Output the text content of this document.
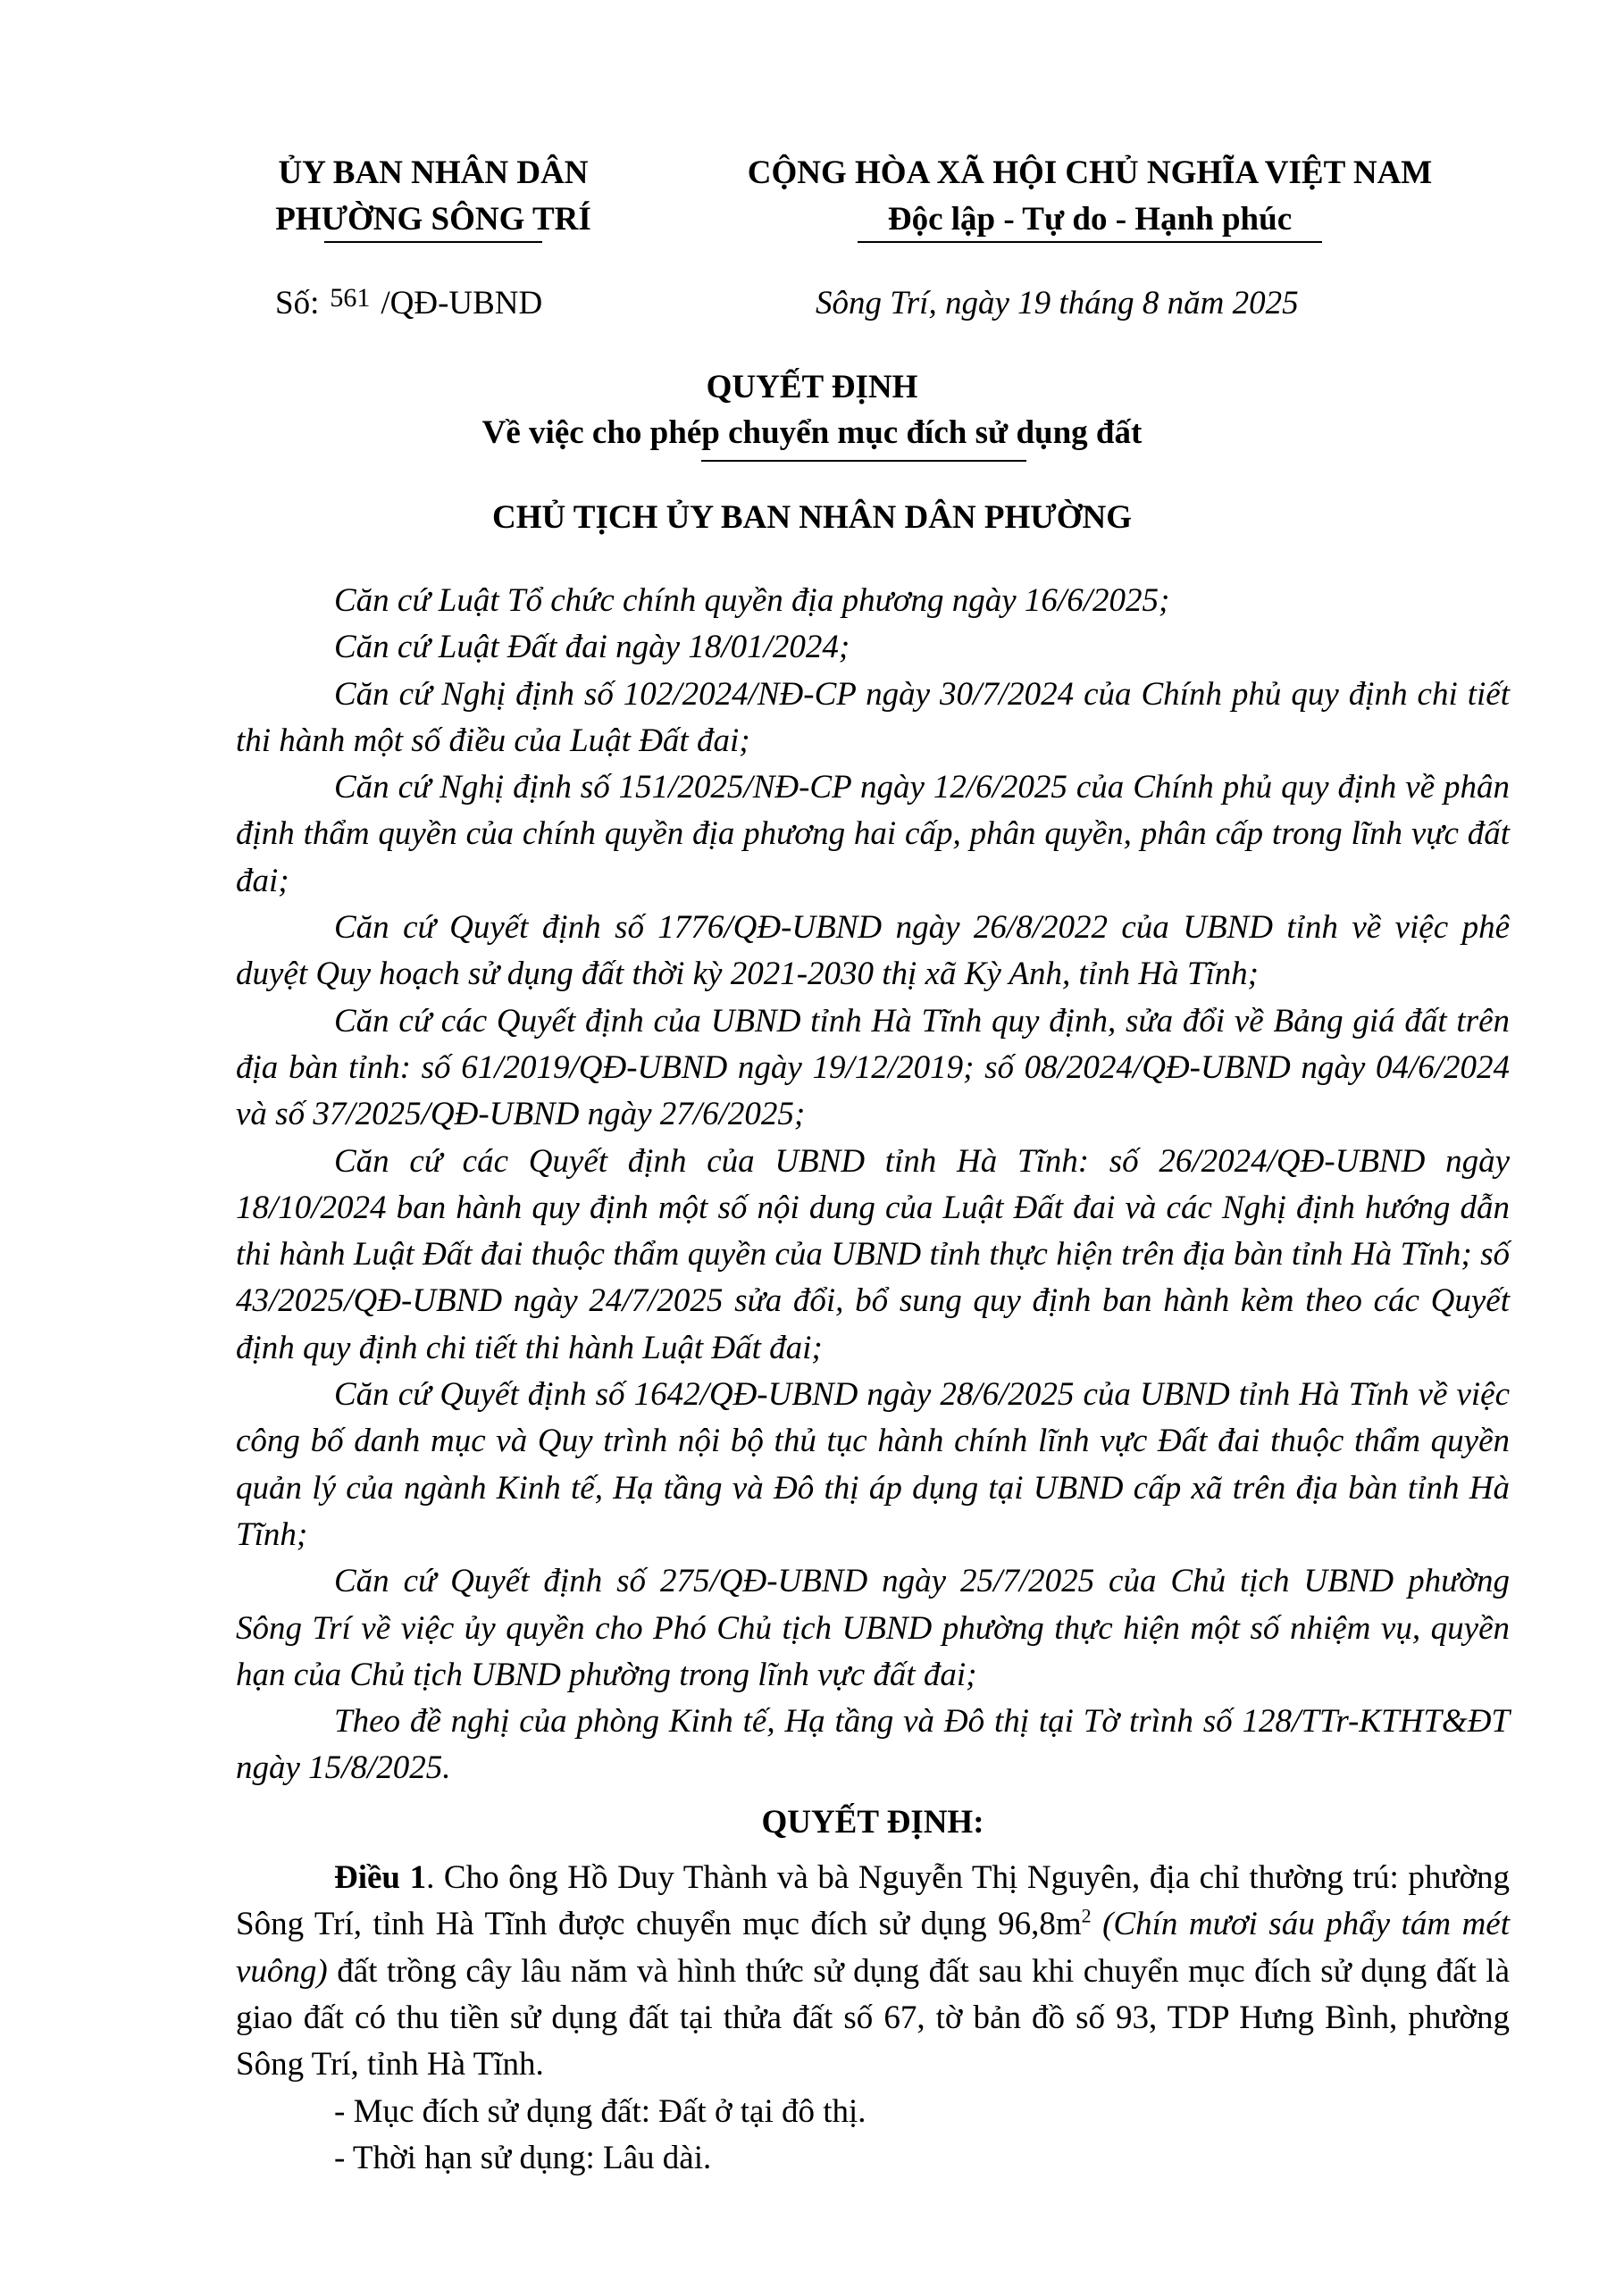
ỦY BAN NHÂN DÂN
PHƯỜNG SÔNG TRÍ
CỘNG HÒA XÃ HỘI CHỦ NGHĨA VIỆT NAM
Độc lập - Tự do - Hạnh phúc
Số: $^{561}$ /QĐ-UBND	Sông Trí, ngày 19 tháng 8 năm 2025
QUYẾT ĐỊNH
Về việc cho phép chuyển mục đích sử dụng đất
CHỦ TỊCH ỦY BAN NHÂN DÂN PHƯỜNG

Căn cứ Luật Tổ chức chính quyền địa phương ngày 16/6/2025;

Căn cứ Luật Đất đai ngày 18/01/2024;

Căn cứ Nghị định số 102/2024/NĐ-CP ngày 30/7/2024 của Chính phủ quy định chi tiết thi hành một số điều của Luật Đất đai;

Căn cứ Nghị định số 151/2025/NĐ-CP ngày 12/6/2025 của Chính phủ quy định về phân định thẩm quyền của chính quyền địa phương hai cấp, phân quyền, phân cấp trong lĩnh vực đất đai;

Căn cứ Quyết định số 1776/QĐ-UBND ngày 26/8/2022 của UBND tỉnh về việc phê duyệt Quy hoạch sử dụng đất thời kỳ 2021-2030 thị xã Kỳ Anh, tỉnh Hà Tĩnh;

Căn cứ các Quyết định của UBND tỉnh Hà Tĩnh quy định, sửa đổi về Bảng giá đất trên địa bàn tỉnh: số 61/2019/QĐ-UBND ngày 19/12/2019; số 08/2024/QĐ-UBND ngày 04/6/2024 và số 37/2025/QĐ-UBND ngày 27/6/2025;

Căn cứ các Quyết định của UBND tỉnh Hà Tĩnh: số 26/2024/QĐ-UBND ngày 18/10/2024 ban hành quy định một số nội dung của Luật Đất đai và các Nghị định hướng dẫn thi hành Luật Đất đai thuộc thẩm quyền của UBND tỉnh thực hiện trên địa bàn tỉnh Hà Tĩnh; số 43/2025/QĐ-UBND ngày 24/7/2025 sửa đổi, bổ sung quy định ban hành kèm theo các Quyết định quy định chi tiết thi hành Luật Đất đai;

Căn cứ Quyết định số 1642/QĐ-UBND ngày 28/6/2025 của UBND tỉnh Hà Tĩnh về việc công bố danh mục và Quy trình nội bộ thủ tục hành chính lĩnh vực Đất đai thuộc thẩm quyền quản lý của ngành Kinh tế, Hạ tầng và Đô thị áp dụng tại UBND cấp xã trên địa bàn tỉnh Hà Tĩnh;

Căn cứ Quyết định số 275/QĐ-UBND ngày 25/7/2025 của Chủ tịch UBND phường Sông Trí về việc ủy quyền cho Phó Chủ tịch UBND phường thực hiện một số nhiệm vụ, quyền hạn của Chủ tịch UBND phường trong lĩnh vực đất đai;

Theo đề nghị của phòng Kinh tế, Hạ tầng và Đô thị tại Tờ trình số 128/TTr-KTHT&ĐT ngày 15/8/2025.

QUYẾT ĐỊNH:

Điều 1. Cho ông Hồ Duy Thành và bà Nguyễn Thị Nguyên, địa chỉ thường trú: phường Sông Trí, tỉnh Hà Tĩnh được chuyển mục đích sử dụng $96,8m^2$ (Chín mươi sáu phẩy tám mét vuông) đất trồng cây lâu năm và hình thức sử dụng đất sau khi chuyển mục đích sử dụng đất là giao đất có thu tiền sử dụng đất tại thửa đất số 67, tờ bản đồ số 93, TDP Hưng Bình, phường Sông Trí, tỉnh Hà Tĩnh.

- Mục đích sử dụng đất: Đất ở tại đô thị.

- Thời hạn sử dụng: Lâu dài.
